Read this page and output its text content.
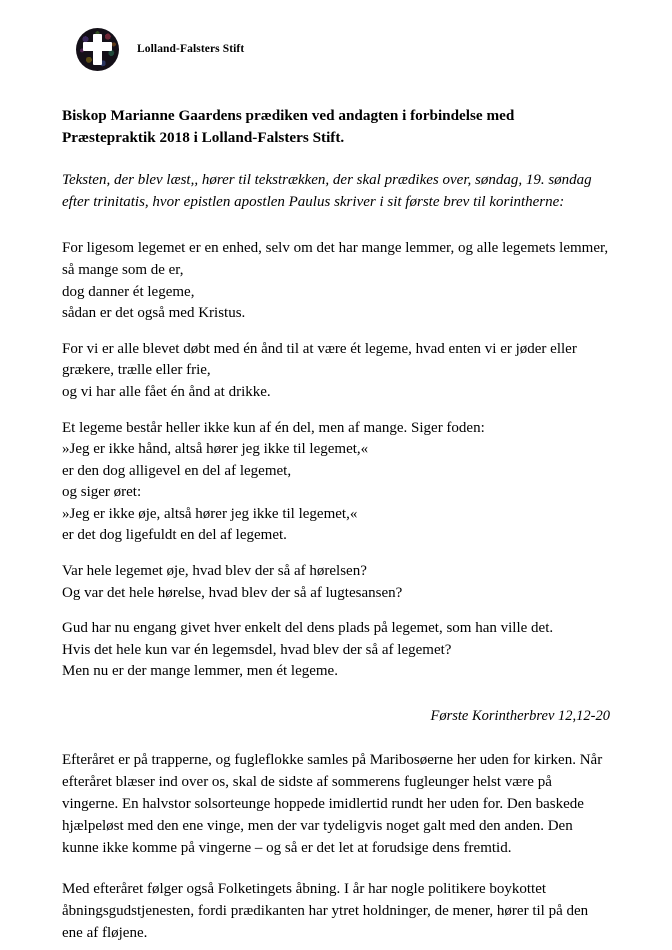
Lolland-Falsters Stift
Biskop Marianne Gaardens prædiken ved andagten i forbindelse med Præstepraktik 2018 i Lolland-Falsters Stift.
Teksten, der blev læst,, hører til tekstrækken, der skal prædikes over, søndag, 19. søndag efter trinitatis, hvor epistlen apostlen Paulus skriver i sit første brev til korintherne:
For ligesom legemet er en enhed, selv om det har mange lemmer, og alle legemets lemmer, så mange som de er,
dog danner ét legeme,
sådan er det også med Kristus.
For vi er alle blevet døbt med én ånd til at være ét legeme, hvad enten vi er jøder eller grækere, trælle eller frie,
og vi har alle fået én ånd at drikke.
Et legeme består heller ikke kun af én del, men af mange. Siger foden:
»Jeg er ikke hånd, altså hører jeg ikke til legemet,«
er den dog alligevel en del af legemet,
og siger øret:
»Jeg er ikke øje, altså hører jeg ikke til legemet,«
er det dog ligefuldt en del af legemet.
Var hele legemet øje, hvad blev der så af hørelsen?
Og var det hele hørelse, hvad blev der så af lugtesansen?
Gud har nu engang givet hver enkelt del dens plads på legemet, som han ville det.
Hvis det hele kun var én legemsdel, hvad blev der så af legemet?
Men nu er der mange lemmer, men ét legeme.
Første Korintherbrev 12,12-20

Efteråret er på trapperne, og fugleflokke samles på Maribosøerne her uden for kirken. Når efteråret blæser ind over os, skal de sidste af sommerens fugleunger helst være på vingerne. En halvstor solsorteunge hoppede imidlertid rundt her uden for. Den baskede hjælpeløst med den ene vinge, men der var tydeligvis noget galt med den anden. Den kunne ikke komme på vingerne – og så er det let at forudsige dens fremtid.

Med efteråret følger også Folketingets åbning. I år har nogle politikere boykottet åbningsgudstjenesten, fordi prædikanten har ytret holdninger, de mener, hører til på den ene af fløjene.
